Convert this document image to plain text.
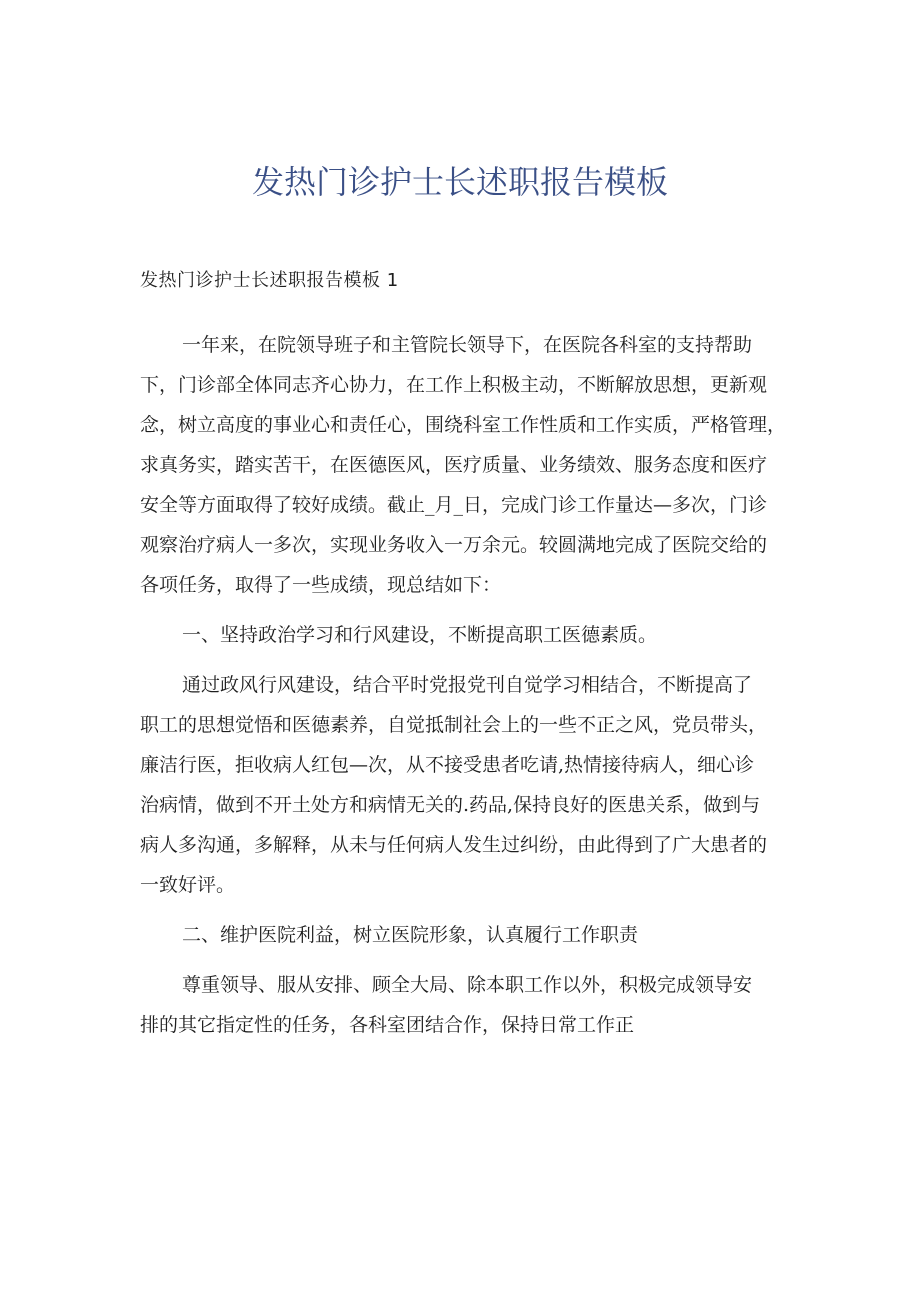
发热门诊护士长述职报告模板

发热门诊护士长述职报告模板 1

一年来，在院领导班子和主管院长领导下，在医院各科室的支持帮助
下，门诊部全体同志齐心协力，在工作上积极主动，不断解放思想，更新观
念，树立高度的事业心和责任心，围绕科室工作性质和工作实质，严格管理，
求真务实，踏实苦干，在医德医风，医疗质量、业务绩效、服务态度和医疗
安全等方面取得了较好成绩。截止_月_日，完成门诊工作量达—多次，门诊
观察治疗病人一多次，实现业务收入一万余元。较圆满地完成了医院交给的
各项任务，取得了一些成绩，现总结如下：

一、坚持政治学习和行风建设，不断提高职工医德素质。

通过政风行风建设，结合平时党报党刊自觉学习相结合，不断提高了
职工的思想觉悟和医德素养，自觉抵制社会上的一些不正之风，党员带头，
廉洁行医，拒收病人红包—次，从不接受患者吃请,热情接待病人，细心诊
治病情，做到不开土处方和病情无关的.药品,保持良好的医患关系，做到与
病人多沟通，多解释，从未与任何病人发生过纠纷，由此得到了广大患者的
一致好评。

二、维护医院利益，树立医院形象，认真履行工作职责

尊重领导、服从安排、顾全大局、除本职工作以外，积极完成领导安
排的其它指定性的任务，各科室团结合作，保持日常工作正
